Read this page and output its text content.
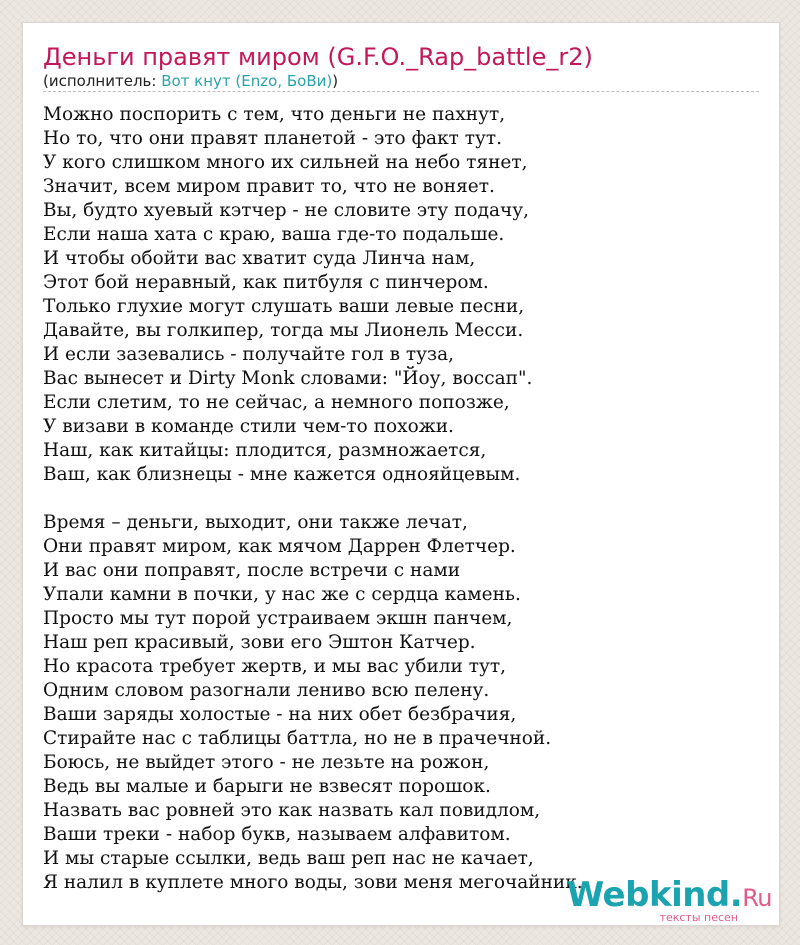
Деньги правят миром (G.F.O._Rap_battle_r2)
(исполнитель: Вот кнут (Enzo, БоВи))
Можно поспорить с тем, что деньги не пахнут,
Но то, что они правят планетой - это факт тут.
У кого слишком много их сильней на небо тянет,
Значит, всем миром правит то, что не воняет.
Вы, будто хуевый кэтчер - не словите эту подачу,
Если наша хата с краю, ваша где-то подальше.
И чтобы обойти вас хватит суда Линча нам,
Этот бой неравный, как питбуля с пинчером.
Только глухие могут слушать ваши левые песни,
Давайте, вы голкипер, тогда мы Лионель Месси.
И если зазевались - получайте гол в туза,
Вас вынесет и Dirty Monk словами: "Йоу, воссап".
Если слетим, то не сейчас, а немного попозже,
У визави в команде стили чем-то похожи.
Наш, как китайцы: плодится, размножается,
Ваш, как близнецы - мне кажется однояйцевым.
Время – деньги, выходит, они также лечат,
Они правят миром, как мячом Даррен Флетчер.
И вас они поправят, после встречи с нами
Упали камни в почки, у нас же с сердца камень.
Просто мы тут порой устраиваем экшн панчем,
Наш реп красивый, зови его Эштон Катчер.
Но красота требует жертв, и мы вас убили тут,
Одним словом разогнали лениво всю пелену.
Ваши заряды холостые - на них обет безбрачия,
Стирайте нас с таблицы баттла, но не в прачечной.
Боюсь, не выйдет этого - не лезьте на рожон,
Ведь вы малые и барыги не взвесят порошок.
Назвать вас ровней это как назвать кал повидлом,
Ваши треки - набор букв, называем алфавитом.
И мы старые ссылки, ведь ваш реп нас не качает,
Я налил в куплете много воды, зови меня мегочайник.
Webkind.Ru
тексты песен
